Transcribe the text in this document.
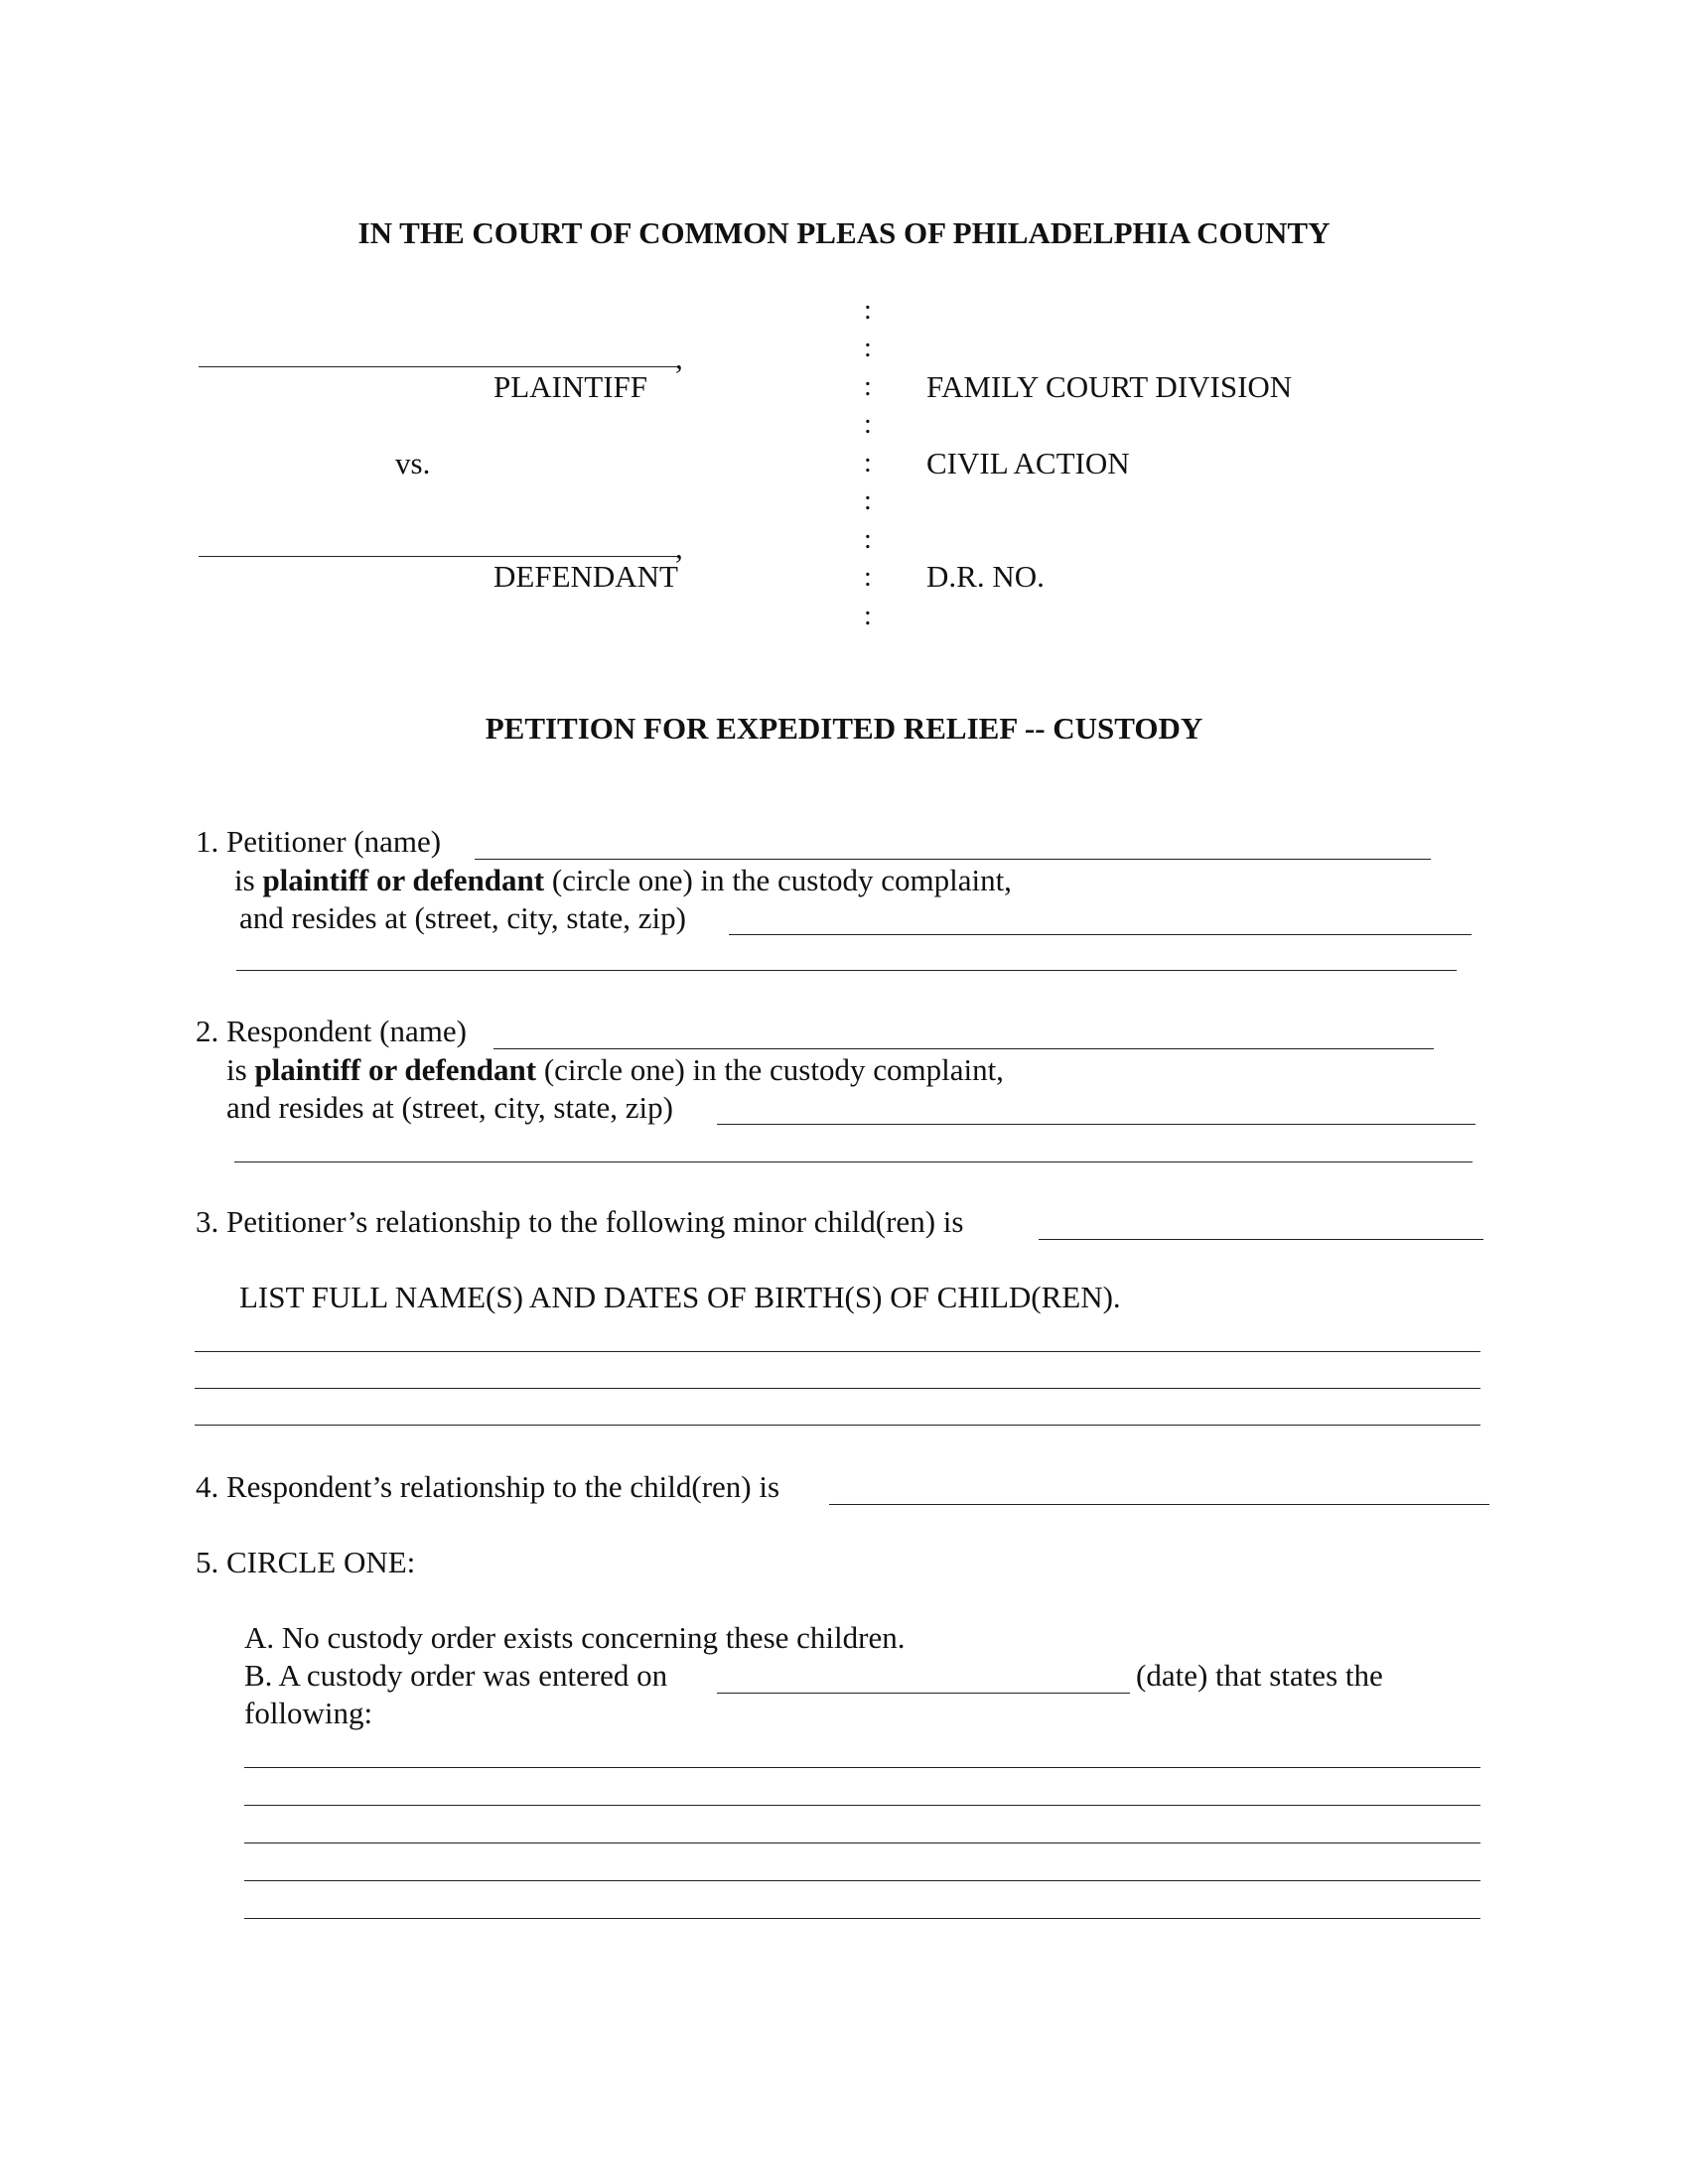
IN THE COURT OF COMMON PLEAS OF PHILADELPHIA COUNTY
,
PLAINTIFF
vs.
,
DEFENDANT
:
:
:
:
:
:
:
:
:
FAMILY COURT DIVISION
CIVIL ACTION
D.R. NO.
PETITION FOR EXPEDITED RELIEF -- CUSTODY
1. Petitioner (name)
is plaintiff or defendant (circle one) in the custody complaint,
and resides at (street, city, state, zip)
2. Respondent (name)
is plaintiff or defendant (circle one) in the custody complaint,
and resides at (street, city, state, zip)
3. Petitioner’s relationship to the following minor child(ren) is
LIST FULL NAME(S) AND DATES OF BIRTH(S) OF CHILD(REN).
4. Respondent’s relationship to the child(ren) is
5. CIRCLE ONE:
A. No custody order exists concerning these children.
B. A custody order was entered on	(date) that states the
following:
